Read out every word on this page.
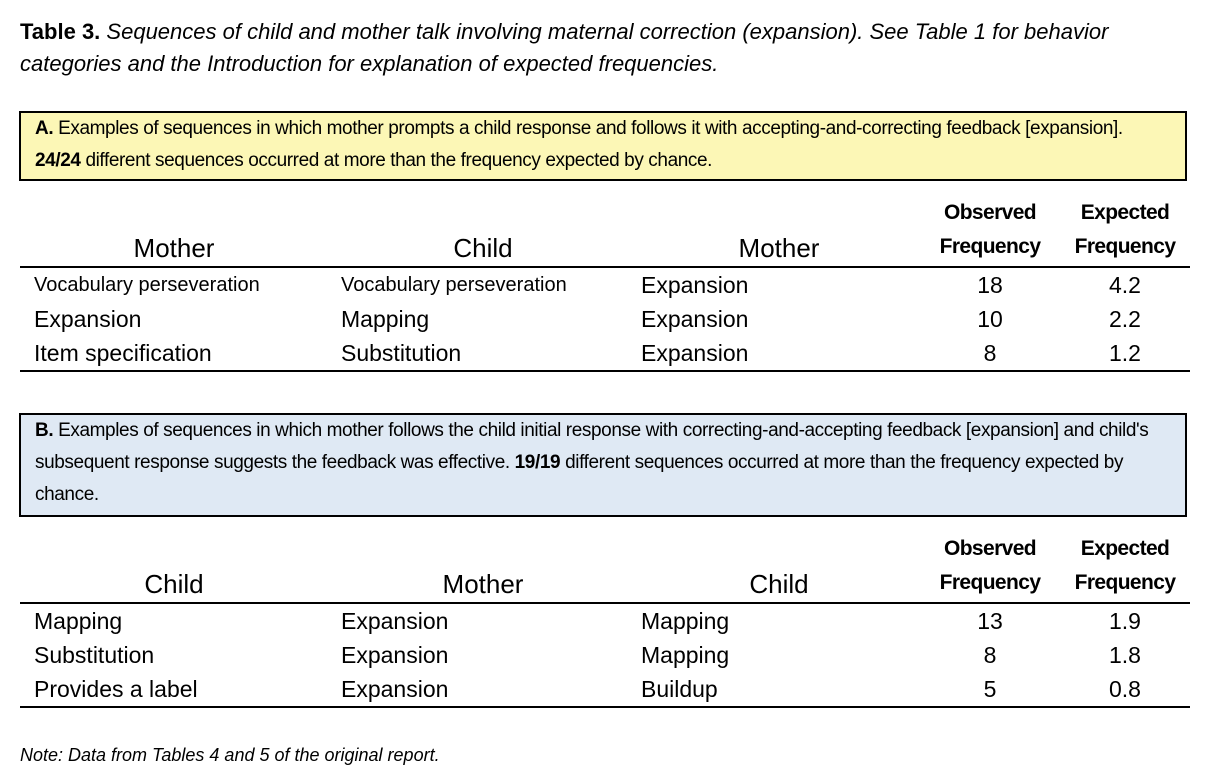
Table 3. Sequences of child and mother talk involving maternal correction (expansion). See Table 1 for behavior categories and the Introduction for explanation of expected frequencies.
A. Examples of sequences in which mother prompts a child response and follows it with accepting-and-correcting feedback [expansion]. 24/24 different sequences occurred at more than the frequency expected by chance.
Mother	Child	Mother	Observed Frequency	Expected Frequency
Vocabulary perseveration	Vocabulary perseveration	Expansion	18	4.2
Expansion	Mapping	Expansion	10	2.2
Item specification	Substitution	Expansion	8	1.2
B. Examples of sequences in which mother follows the child initial response with correcting-and-accepting feedback [expansion] and child's subsequent response suggests the feedback was effective. 19/19 different sequences occurred at more than the frequency expected by chance.
Child	Mother	Child	Observed Frequency	Expected Frequency
Mapping	Expansion	Mapping	13	1.9
Substitution	Expansion	Mapping	8	1.8
Provides a label	Expansion	Buildup	5	0.8
Note: Data from Tables 4 and 5 of the original report.
